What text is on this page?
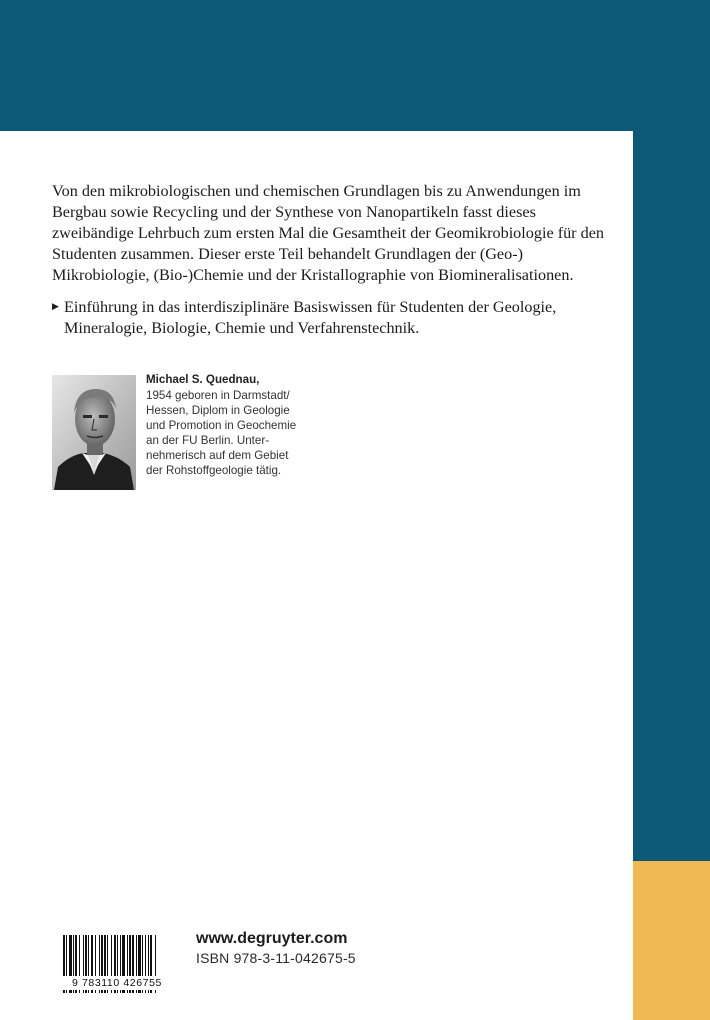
Von den mikrobiologischen und chemischen Grundlagen bis zu Anwendungen im Bergbau sowie Recycling und der Synthese von Nanopartikeln fasst dieses zweibändige Lehrbuch zum ersten Mal die Gesamtheit der Geomikrobiologie für den Studenten zusammen. Dieser erste Teil behandelt Grundlagen der (Geo-) Mikrobiologie, (Bio-)Chemie und der Kristallographie von Biomineralisationen.

▶ Einführung in das interdisziplinäre Basiswissen für Studenten der Geologie, Mineralogie, Biologie, Chemie und Verfahrenstechnik.

Michael S. Quednau,

1954 geboren in Darmstadt/
Hessen, Diplom in Geologie
und Promotion in Geochemie
an der FU Berlin. Unter-
nehmerisch auf dem Gebiet
der Rohstoffgeologie tätig.
9 783110 426755
www.degruyter.com
ISBN 978-3-11-042675-5
